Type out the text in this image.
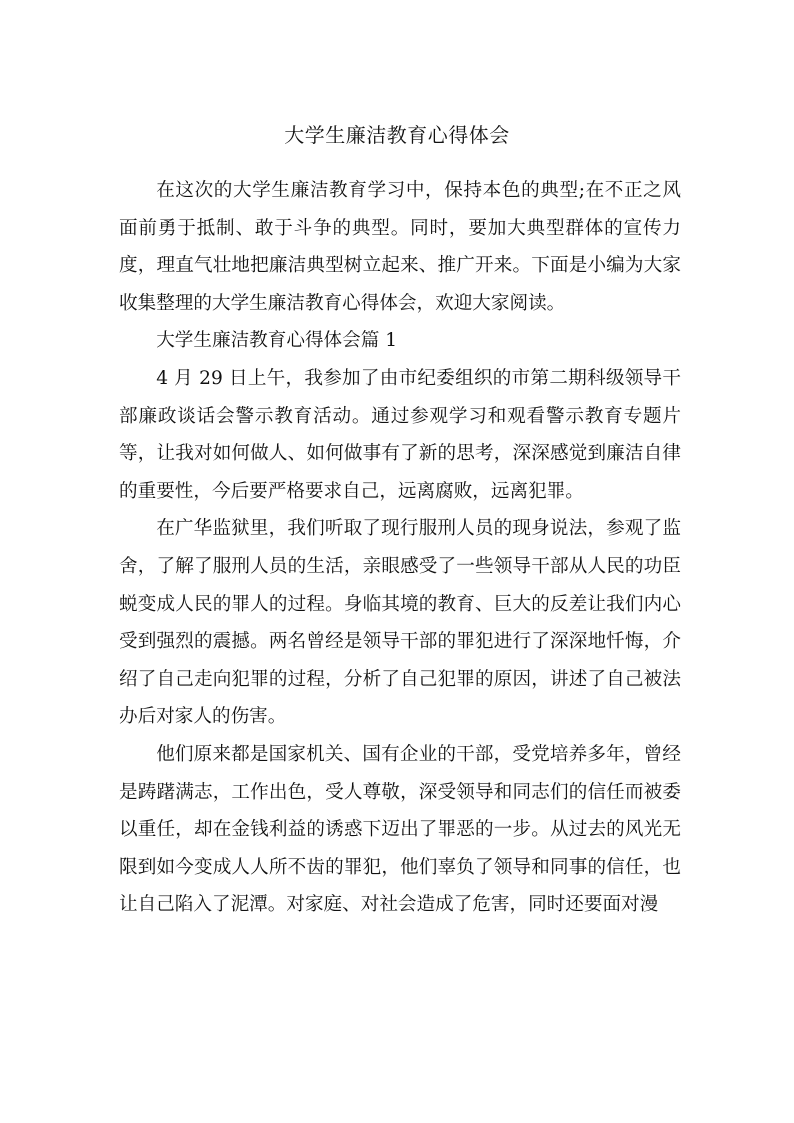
大学生廉洁教育心得体会

在这次的大学生廉洁教育学习中，保持本色的典型;在不正之风面前勇于抵制、敢于斗争的典型。同时，要加大典型群体的宣传力度，理直气壮地把廉洁典型树立起来、推广开来。下面是小编为大家收集整理的大学生廉洁教育心得体会，欢迎大家阅读。

大学生廉洁教育心得体会篇 1

4 月 29 日上午，我参加了由市纪委组织的市第二期科级领导干部廉政谈话会警示教育活动。通过参观学习和观看警示教育专题片等，让我对如何做人、如何做事有了新的思考，深深感觉到廉洁自律的重要性，今后要严格要求自己，远离腐败，远离犯罪。

在广华监狱里，我们听取了现行服刑人员的现身说法，参观了监舍，了解了服刑人员的生活，亲眼感受了一些领导干部从人民的功臣蜕变成人民的罪人的过程。身临其境的教育、巨大的反差让我们内心受到强烈的震撼。两名曾经是领导干部的罪犯进行了深深地忏悔，介绍了自己走向犯罪的过程，分析了自己犯罪的原因，讲述了自己被法办后对家人的伤害。

他们原来都是国家机关、国有企业的干部，受党培养多年，曾经是踌躇满志，工作出色，受人尊敬，深受领导和同志们的信任而被委以重任，却在金钱利益的诱惑下迈出了罪恶的一步。从过去的风光无限到如今变成人人所不齿的罪犯，他们辜负了领导和同事的信任，也让自己陷入了泥潭。对家庭、对社会造成了危害，同时还要面对漫
